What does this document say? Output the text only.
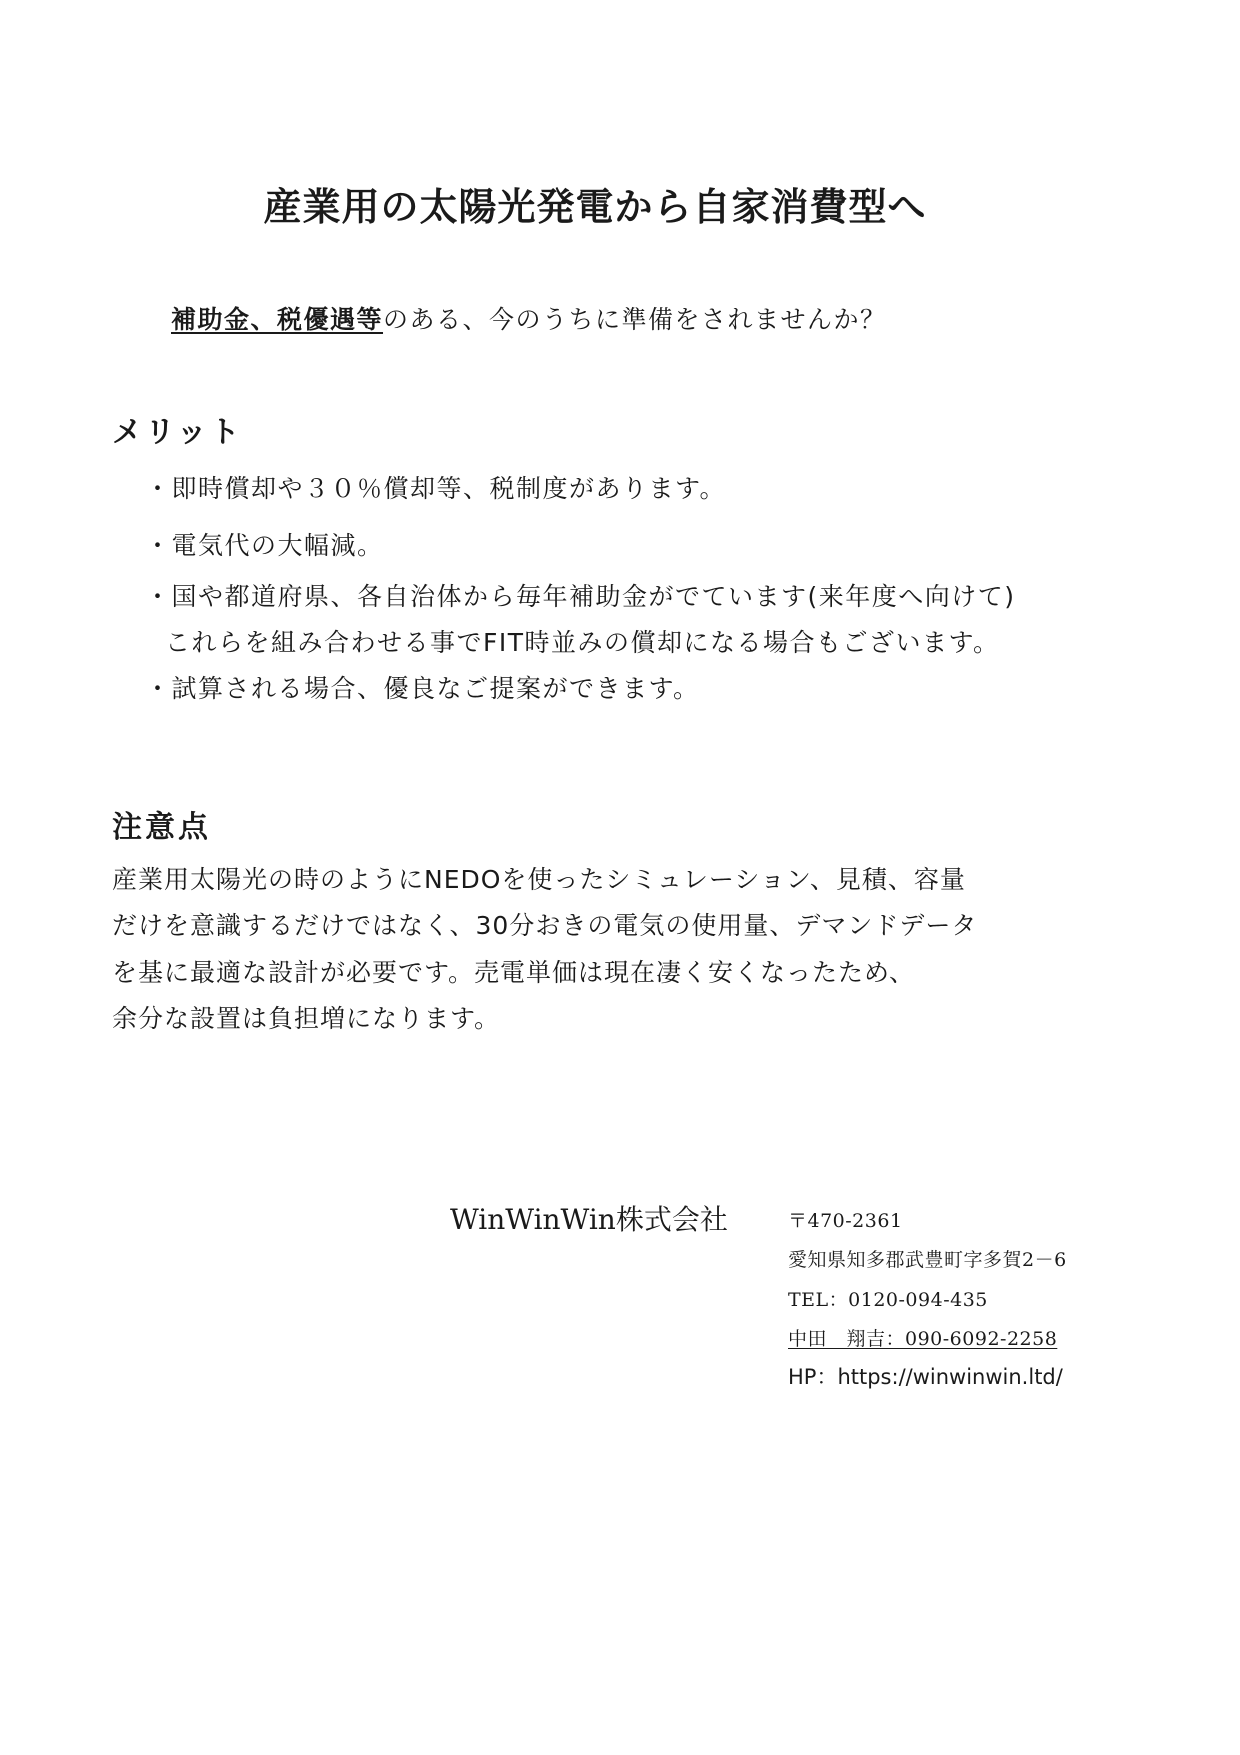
産業用の太陽光発電から自家消費型へ
補助金、税優遇等のある、今のうちに準備をされませんか？
メリット
・即時償却や３０％償却等、税制度があります。
・電気代の大幅減。
・国や都道府県、各自治体から毎年補助金がでています(来年度へ向けて)
これらを組み合わせる事でFIT時並みの償却になる場合もございます。
・試算される場合、優良なご提案ができます。
注意点
産業用太陽光の時のようにNEDOを使ったシミュレーション、見積、容量
だけを意識するだけではなく、30分おきの電気の使用量、デマンドデータ
を基に最適な設計が必要です。売電単価は現在凄く安くなったため、
余分な設置は負担増になります。
WinWinWin株式会社	〒470-2361
愛知県知多郡武豊町字多賀2－6
TEL：0120-094-435
中田　翔吉：090-6092-2258
HP：https://winwinwin.ltd/
